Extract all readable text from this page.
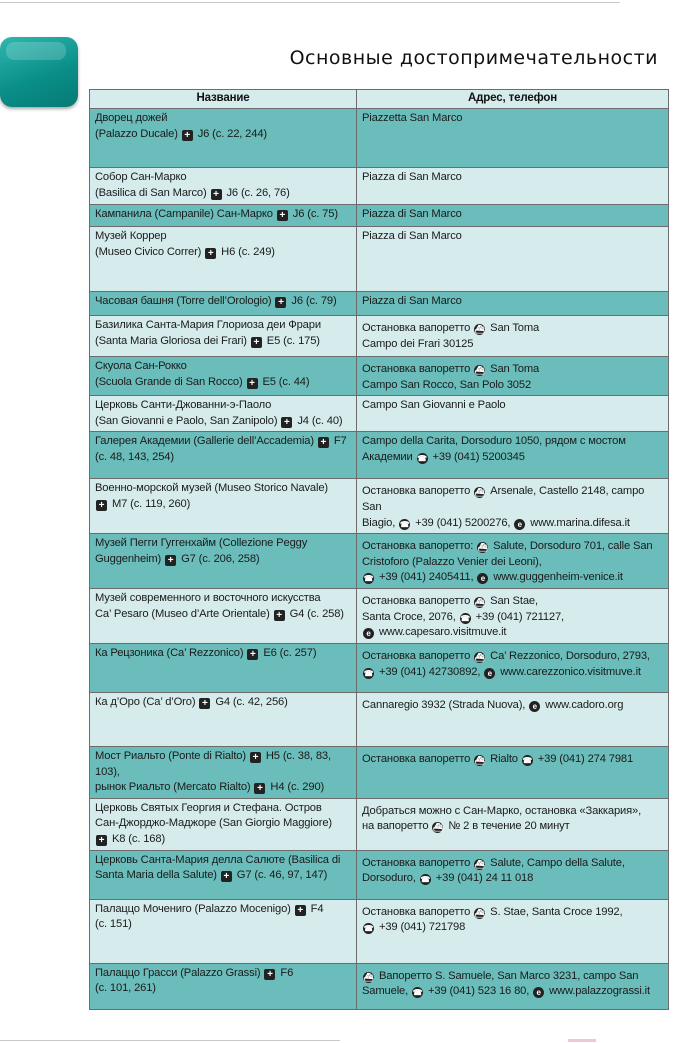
Основные достопримечательности
Название	Адрес, телефон
Дворец дожей
(Palazzo Ducale) + J6 (с. 22, 244)	Piazzetta San Marco
Собор Сан-Марко
(Basilica di San Marco) + J6 (с. 26, 76)	Piazza di San Marco
Кампанила (Campanile) Сан-Марко + J6 (с. 75)	Piazza di San Marco
Музей Коррер
(Museo Civico Correr) + H6 (с. 249)	Piazza di San Marco
Часовая башня (Torre dell’Orologio) + J6 (с. 79)	Piazza di San Marco
Базилика Санта-Мария Глориоза деи Фрари
(Santa Maria Gloriosa dei Frari) + E5 (с. 175)	Остановка вапоретто ⛴ San Toma
Campo dei Frari 30125
Скуола Сан-Рокко
(Scuola Grande di San Rocco) + E5 (с. 44)	Остановка вапоретто ⛴ San Toma
Campo San Rocco, San Polo 3052
Церковь Санти-Джованни-э-Паоло
(San Giovanni e Paolo, San Zanipolo) + J4 (с. 40)	Campo San Giovanni e Paolo
Галерея Академии (Gallerie dell’Accademia) + F7
(с. 48, 143, 254)	Campo della Carita, Dorsoduro 1050, рядом с мостом
Академии ☎ +39 (041) 5200345
Военно-морской музей (Museo Storico Navale)
+ M7 (с. 119, 260)	Остановка вапоретто ⛴ Arsenale, Castello 2148, campo San
Biagio, ☎ +39 (041) 5200276, e www.marina.difesa.it
Музей Пегги Гуггенхайм (Collezione Peggy
Guggenheim) + G7 (с. 206, 258)	Остановка вапоретто: ⛴ Salute, Dorsoduro 701, calle San
Cristoforo (Palazzo Venier dei Leoni),
☎ +39 (041) 2405411, e www.guggenheim-venice.it
Музей современного и восточного искусства
Ca’ Pesaro (Museo d’Arte Orientale) + G4 (с. 258)	Остановка вапоретто ⛴ San Stae,
Santa Croce, 2076, ☎ +39 (041) 721127,
e www.capesaro.visitmuve.it
Ка Рецзоника (Ca’ Rezzonico) + E6 (с. 257)	Остановка вапоретто ⛴ Ca’ Rezzonico, Dorsoduro, 2793,
☎ +39 (041) 42730892, e www.carezzonico.visitmuve.it
Ка д’Оро (Ca’ d’Oro) + G4 (с. 42, 256)	Cannaregio 3932 (Strada Nuova), e www.cadoro.org
Мост Риальто (Ponte di Rialto) + H5 (с. 38, 83, 103),
рынок Риальто (Mercato Rialto) + H4 (с. 290)	Остановка вапоретто ⛴ Rialto ☎ +39 (041) 274 7981
Церковь Святых Георгия и Стефана. Остров
Сан-Джорджо-Маджоре (San Giorgio Maggiore)
+ K8 (с. 168)	Добраться можно с Сан-Марко, остановка «Заккария»,
на вапоретто ⛴ № 2 в течение 20 минут
Церковь Санта-Мария делла Салюте (Basilica di
Santa Maria della Salute) + G7 (с. 46, 97, 147)	Остановка вапоретто ⛴ Salute, Campo della Salute,
Dorsoduro, ☎ +39 (041) 24 11 018
Палаццо Мочениго (Palazzo Mocenigo) + F4
(с. 151)	Остановка вапоретто ⛴ S. Stae, Santa Croce 1992,
☎ +39 (041) 721798
Палаццо Грасси (Palazzo Grassi) + F6
(с. 101, 261)	⛴ Вапоретто S. Samuele, San Marco 3231, campo San
Samuele, ☎ +39 (041) 523 16 80, e www.palazzograssi.it
